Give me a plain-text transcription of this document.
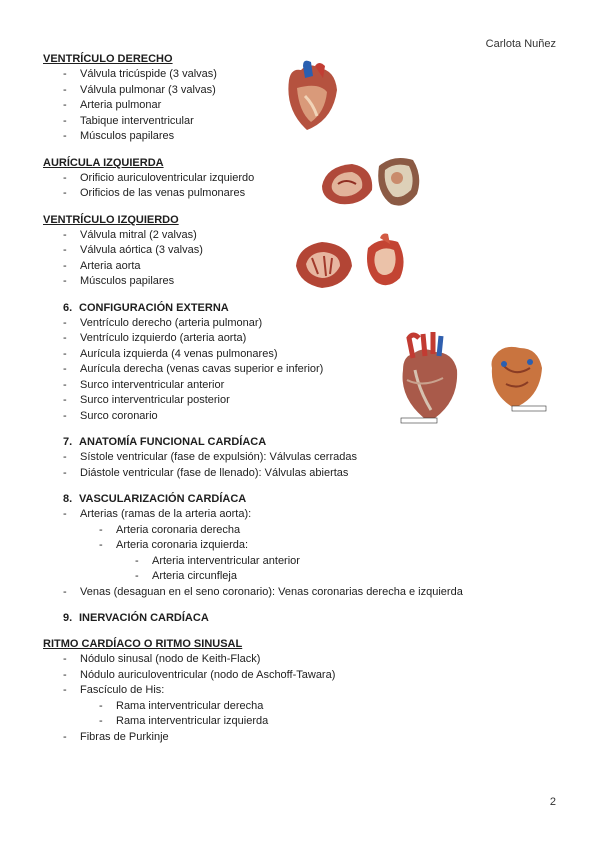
Carlota Nuñez
VENTRÍCULO DERECHO
- Válvula tricúspide (3 valvas)
- Válvula pulmonar (3 valvas)
- Arteria pulmonar
- Tabique interventricular
- Músculos papilares
AURÍCULA IZQUIERDA
- Orificio auriculoventricular izquierdo
- Orificios de las venas pulmonares
VENTRÍCULO IZQUIERDO
- Válvula mitral (2 valvas)
- Válvula aórtica (3 valvas)
- Arteria aorta
- Músculos papilares
6. CONFIGURACIÓN EXTERNA
- Ventrículo derecho (arteria pulmonar)
- Ventrículo izquierdo (arteria aorta)
- Aurícula izquierda (4 venas pulmonares)
- Aurícula derecha (venas cavas superior e inferior)
- Surco interventricular anterior
- Surco interventricular posterior
- Surco coronario
7. ANATOMÍA FUNCIONAL CARDÍACA
- Sístole ventricular (fase de expulsión): Válvulas cerradas
- Diástole ventricular (fase de llenado): Válvulas abiertas
8. VASCULARIZACIÓN CARDÍACA
- Arterias (ramas de la arteria aorta):
- Arteria coronaria derecha
- Arteria coronaria izquierda:
- Arteria interventricular anterior
- Arteria circunfleja
- Venas (desaguan en el seno coronario): Venas coronarias derecha e izquierda
9. INERVACIÓN CARDÍACA
RITMO CARDÍACO O RITMO SINUSAL
- Nódulo sinusal (nodo de Keith-Flack)
- Nódulo auriculoventricular (nodo de Aschoff-Tawara)
- Fascículo de His:
- Rama interventricular derecha
- Rama interventricular izquierda
- Fibras de Purkinje
2
